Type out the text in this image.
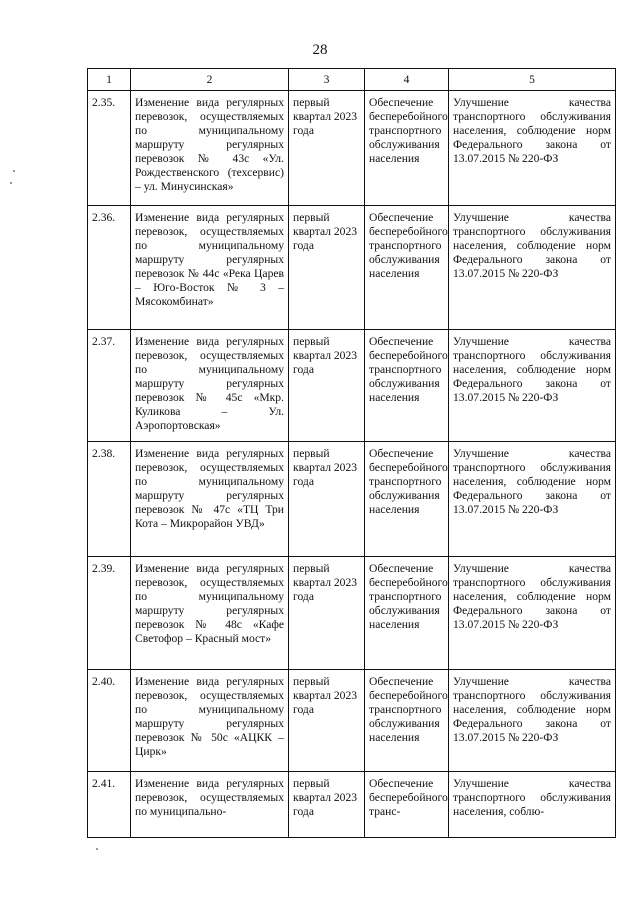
28
1	2	3	4	5
2.35.	Изменение вида регулярных перевозок, осуществляемых по муниципальному маршруту регулярных перевозок № 43с «Ул. Рождественского (техсервис) – ул. Минусинская»	первый квартал 2023 года	Обеспечение бесперебойного транспортного обслуживания населения	Улучшение качества транспортного обслуживания населения, соблюдение норм Федерального закона от 13.07.2015 № 220-ФЗ
2.36.	Изменение вида регулярных перевозок, осуществляемых по муниципальному маршруту регулярных перевозок № 44с «Река Царев – Юго-Восток № 3 – Мясокомбинат»	первый квартал 2023 года	Обеспечение бесперебойного транспортного обслуживания населения	Улучшение качества транспортного обслуживания населения, соблюдение норм Федерального закона от 13.07.2015 № 220-ФЗ
2.37.	Изменение вида регулярных перевозок, осуществляемых по муниципальному маршруту регулярных перевозок № 45с «Мкр. Куликова – Ул. Аэропортовская»	первый квартал 2023 года	Обеспечение бесперебойного транспортного обслуживания населения	Улучшение качества транспортного обслуживания населения, соблюдение норм Федерального закона от 13.07.2015 № 220-ФЗ
2.38.	Изменение вида регулярных перевозок, осуществляемых по муниципальному маршруту регулярных перевозок № 47с «ТЦ Три Кота – Микрорайон УВД»	первый квартал 2023 года	Обеспечение бесперебойного транспортного обслуживания населения	Улучшение качества транспортного обслуживания населения, соблюдение норм Федерального закона от 13.07.2015 № 220-ФЗ
2.39.	Изменение вида регулярных перевозок, осуществляемых по муниципальному маршруту регулярных перевозок № 48с «Кафе Светофор – Красный мост»	первый квартал 2023 года	Обеспечение бесперебойного транспортного обслуживания населения	Улучшение качества транспортного обслуживания населения, соблюдение норм Федерального закона от 13.07.2015 № 220-ФЗ
2.40.	Изменение вида регулярных перевозок, осуществляемых по муниципальному маршруту регулярных перевозок № 50с «АЦКК – Цирк»	первый квартал 2023 года	Обеспечение бесперебойного транспортного обслуживания населения	Улучшение качества транспортного обслуживания населения, соблюдение норм Федерального закона от 13.07.2015 № 220-ФЗ
2.41.	Изменение вида регулярных перевозок, осуществляемых по муниципально-	первый квартал 2023 года	Обеспечение бесперебойного транс-	Улучшение качества транспортного обслуживания населения, соблю-
